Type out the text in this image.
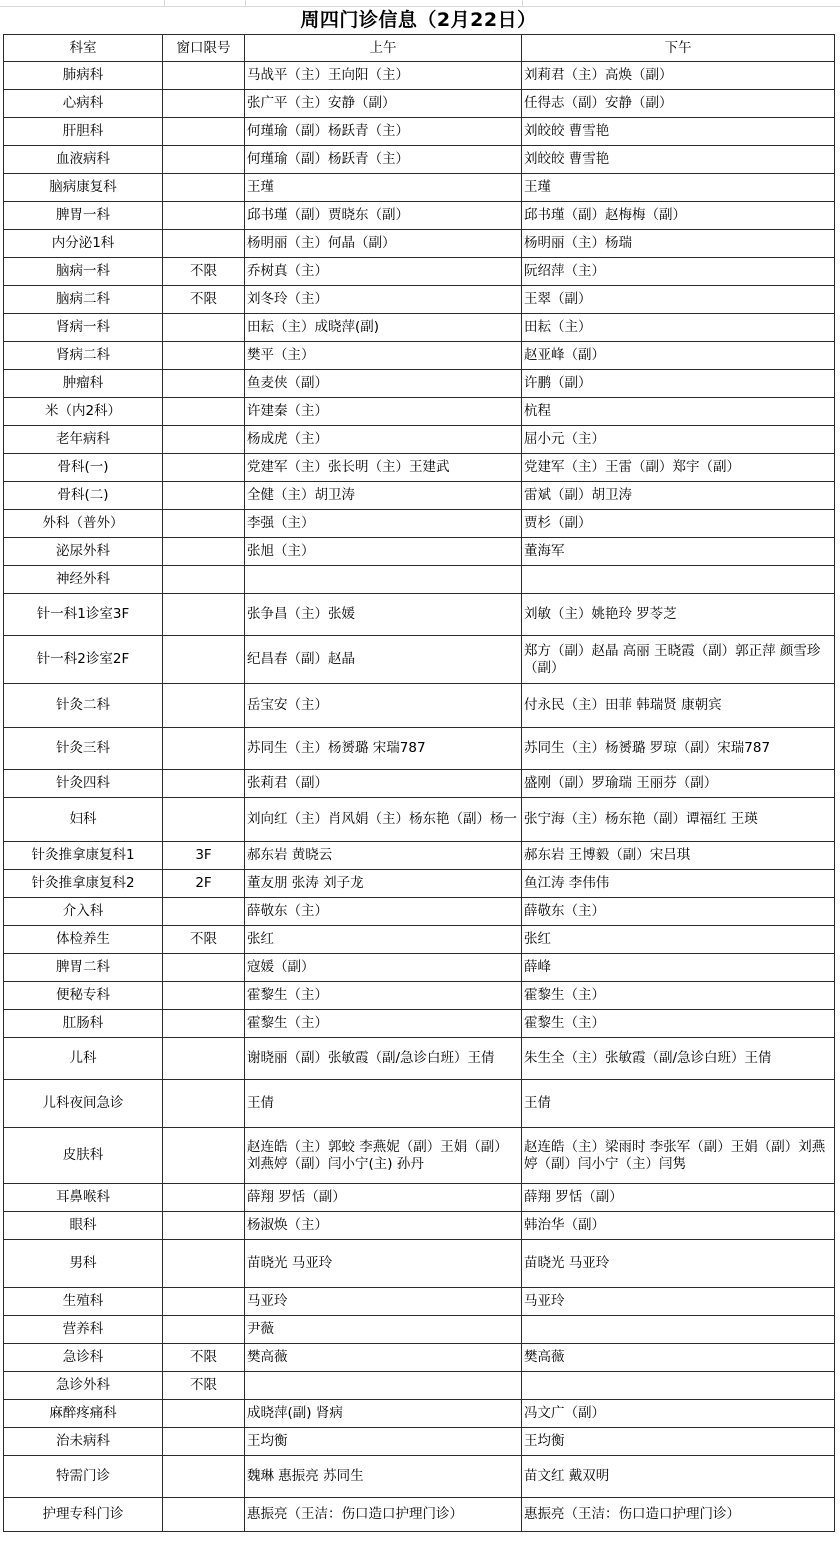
周四门诊信息（2月22日）
科室	窗口限号	上午	下午
肺病科		马战平（主）王向阳（主）	刘莉君（主）高焕（副）
心病科		张广平（主）安静（副）	任得志（副）安静（副）
肝胆科		何瑾瑜（副）杨跃青（主）	刘皎皎 曹雪艳
血液病科		何瑾瑜（副）杨跃青（主）	刘皎皎 曹雪艳
脑病康复科		王瑾	王瑾
脾胃一科		邱书瑾（副）贾晓东（副）	邱书瑾（副）赵梅梅（副）
内分泌1科		杨明丽（主）何晶（副）	杨明丽（主）杨瑞
脑病一科	不限	乔树真（主）	阮绍萍（主）
脑病二科	不限	刘冬玲（主）	王翠（副）
肾病一科		田耘（主）成晓萍(副)	田耘（主）
肾病二科		樊平（主）	赵亚峰（副）
肿瘤科		鱼麦侠（副）	许鹏（副）
米（内2科）		许建秦（主）	杭程
老年病科		杨成虎（主）	屈小元（主）
骨科(一)		党建军（主）张长明（主）王建武	党建军（主）王雷（副）郑宇（副）
骨科(二)		全健（主）胡卫涛	雷斌（副）胡卫涛
外科（普外）		李强（主）	贾杉（副）
泌尿外科		张旭（主）	董海军
神经外科			
针一科1诊室3F		张争昌（主）张媛	刘敏（主）姚艳玲 罗苓芝
针一科2诊室2F		纪昌春（副）赵晶	郑方（副）赵晶 高丽 王晓霞（副）郭正萍 颜雪珍（副）
针灸二科		岳宝安（主）	付永民（主）田菲 韩瑞贤 康朝宾
针灸三科		苏同生（主）杨赟璐 宋瑞787	苏同生（主）杨赟璐 罗琼（副）宋瑞787
针灸四科		张莉君（副）	盛刚（副）罗瑜瑞 王丽芬（副）
妇科		刘向红（主）肖风娟（主）杨东艳（副）杨一	张宁海（主）杨东艳（副）谭福红 王瑛
针灸推拿康复科1	3F	郝东岩 黄晓云	郝东岩 王博毅（副）宋吕琪
针灸推拿康复科2	2F	董友朋 张涛 刘子龙	鱼江涛 李伟伟
介入科		薛敬东（主）	薛敬东（主）
体检养生	不限	张红	张红
脾胃二科		寇媛（副）	薛峰
便秘专科		霍黎生（主）	霍黎生（主）
肛肠科		霍黎生（主）	霍黎生（主）
儿科		谢晓丽（副）张敏霞（副/急诊白班）王倩	朱生全（主）张敏霞（副/急诊白班）王倩
儿科夜间急诊		王倩	王倩
皮肤科		赵连皓（主）郭蛟 李燕妮（副）王娟（副）刘燕婷（副）闫小宁(主) 孙丹	赵连皓（主）梁雨时 李张军（副）王娟（副）刘燕婷（副）闫小宁（主）闫隽
耳鼻喉科		薛翔 罗恬（副）	薛翔 罗恬（副）
眼科		杨淑焕（主）	韩治华（副）
男科		苗晓光 马亚玲	苗晓光 马亚玲
生殖科		马亚玲	马亚玲
营养科		尹薇	
急诊科	不限	樊高薇	樊高薇
急诊外科	不限		
麻醉疼痛科		成晓萍(副) 肾病	冯文广（副）
治未病科		王均衡	王均衡
特需门诊		魏琳 惠振亮 苏同生	苗文红 戴双明
护理专科门诊		惠振亮（王洁：伤口造口护理门诊）	惠振亮（王洁：伤口造口护理门诊）
